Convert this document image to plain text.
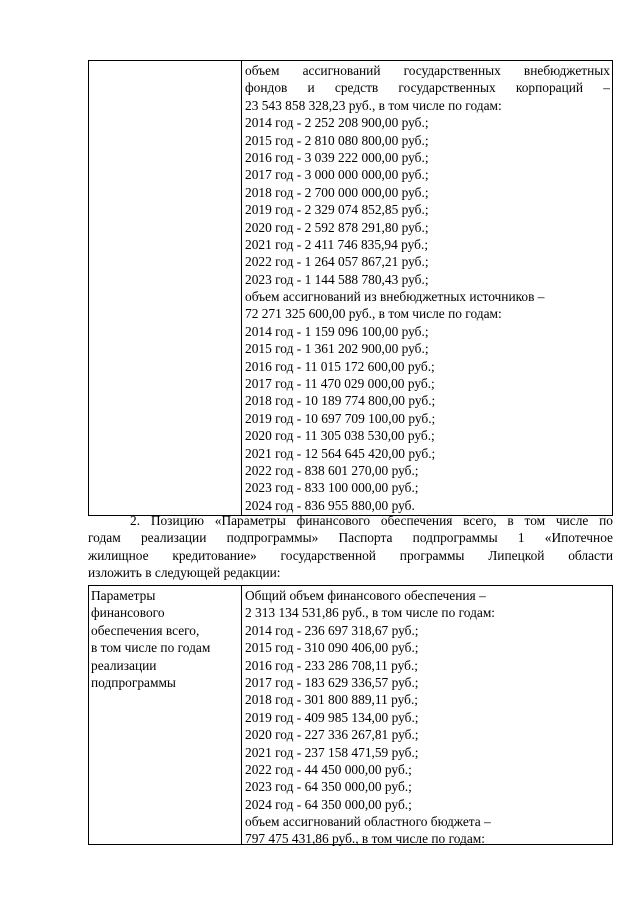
объем ассигнований государственных внебюджетных
фондов и средств государственных корпораций –
23 543 858 328,23 руб., в том числе по годам:
2014 год - 2 252 208 900,00 руб.;
2015 год - 2 810 080 800,00 руб.;
2016 год - 3 039 222 000,00 руб.;
2017 год - 3 000 000 000,00 руб.;
2018 год - 2 700 000 000,00 руб.;
2019 год - 2 329 074 852,85 руб.;
2020 год - 2 592 878 291,80 руб.;
2021 год - 2 411 746 835,94 руб.;
2022 год - 1 264 057 867,21 руб.;
2023 год - 1 144 588 780,43 руб.;
объем ассигнований из внебюджетных источников –
72 271 325 600,00 руб., в том числе по годам:
2014 год - 1 159 096 100,00 руб.;
2015 год - 1 361 202 900,00 руб.;
2016 год - 11 015 172 600,00 руб.;
2017 год - 11 470 029 000,00 руб.;
2018 год - 10 189 774 800,00 руб.;
2019 год - 10 697 709 100,00 руб.;
2020 год - 11 305 038 530,00 руб.;
2021 год - 12 564 645 420,00 руб.;
2022 год - 838 601 270,00 руб.;
2023 год - 833 100 000,00 руб.;
2024 год - 836 955 880,00 руб.
2. Позицию «Параметры финансового обеспечения всего, в том числе по
годам реализации подпрограммы» Паспорта подпрограммы 1 «Ипотечное
жилищное кредитование» государственной программы Липецкой области
изложить в следующей редакции:
Параметры
финансового
обеспечения всего,
в том числе по годам
реализации
подпрограммы
Общий объем финансового обеспечения –
2 313 134 531,86 руб., в том числе по годам:
2014 год - 236 697 318,67 руб.;
2015 год - 310 090 406,00 руб.;
2016 год - 233 286 708,11 руб.;
2017 год - 183 629 336,57 руб.;
2018 год - 301 800 889,11 руб.;
2019 год - 409 985 134,00 руб.;
2020 год - 227 336 267,81 руб.;
2021 год - 237 158 471,59 руб.;
2022 год - 44 450 000,00 руб.;
2023 год - 64 350 000,00 руб.;
2024 год - 64 350 000,00 руб.;
объем ассигнований областного бюджета –
797 475 431,86 руб., в том числе по годам:
